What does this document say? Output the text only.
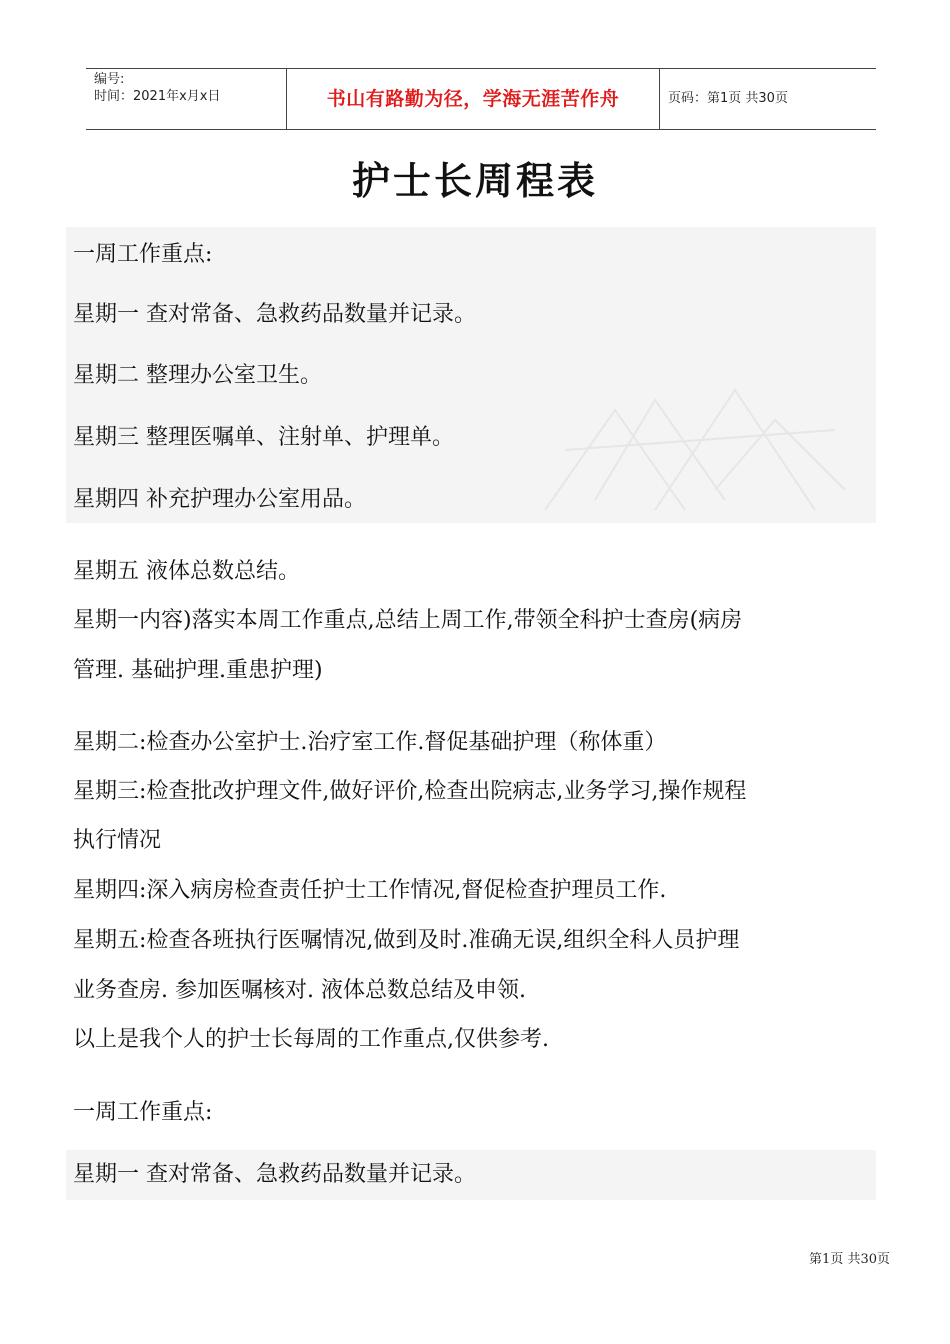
编号:
时间：2021年x月x日	书山有路勤为径，学海无涯苦作舟	页码：第1页 共30页
护士长周程表
一周工作重点:
星期一 查对常备、急救药品数量并记录。
星期二 整理办公室卫生。
星期三 整理医嘱单、注射单、护理单。
星期四 补充护理办公室用品。
星期五 液体总数总结。
星期一内容)落实本周工作重点,总结上周工作,带领全科护士查房(病房
管理. 基础护理.重患护理)
星期二:检查办公室护士.治疗室工作.督促基础护理（称体重）
星期三:检查批改护理文件,做好评价,检查出院病志,业务学习,操作规程
执行情况
星期四:深入病房检查责任护士工作情况,督促检查护理员工作.
星期五:检查各班执行医嘱情况,做到及时.准确无误,组织全科人员护理
业务查房. 参加医嘱核对. 液体总数总结及申领.
以上是我个人的护士长每周的工作重点,仅供参考.
一周工作重点:
星期一 查对常备、急救药品数量并记录。
第1页 共30页
